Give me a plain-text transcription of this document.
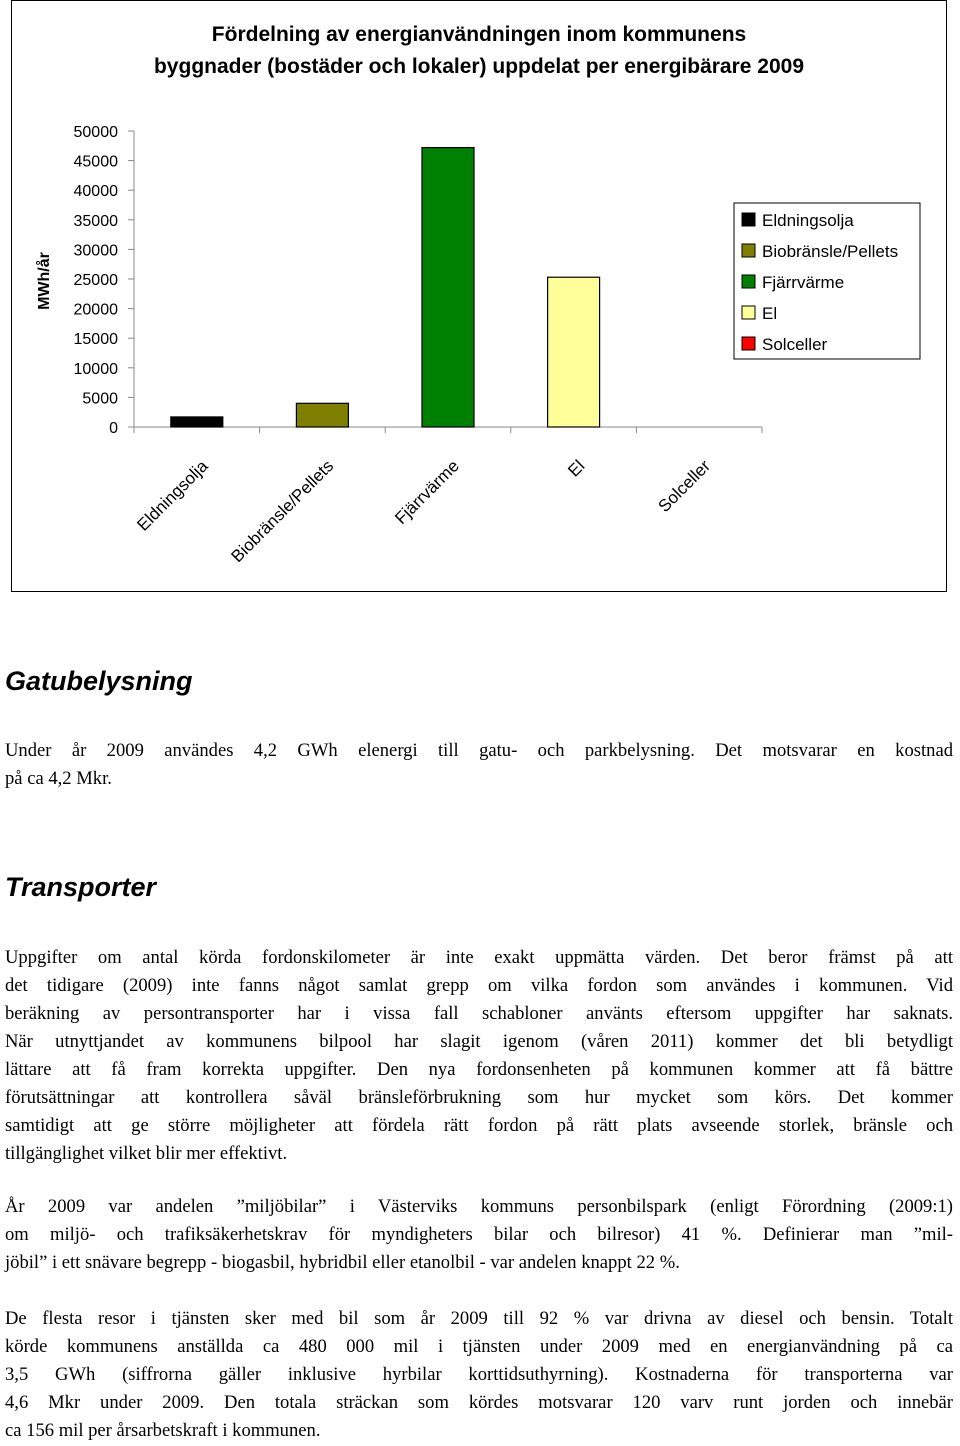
Fördelning av energianvändningen inom kommunens
byggnader (bostäder och lokaler) uppdelat per energibärare 2009
MWh/år
0
5000
10000
15000
20000
25000
30000
35000
40000
45000
50000
Eldningsolja Biobränsle/Pellets	Fjärrvärme	El	Solceller
Eldningsolja
Biobränsle/Pellets
Fjärrvärme
El
Solceller
Gatubelysning
Under år 2009 användes 4,2 GWh elenergi till gatu- och parkbelysning. Det motsvarar en kostnad
på ca 4,2 Mkr.
Transporter
Uppgifter om antal körda fordonskilometer är inte exakt uppmätta värden. Det beror främst på att
det tidigare (2009) inte fanns något samlat grepp om vilka fordon som användes i kommunen. Vid
beräkning av persontransporter har i vissa fall schabloner använts eftersom uppgifter har saknats.
När utnyttjandet av kommunens bilpool har slagit igenom (våren 2011) kommer det bli betydligt
lättare att få fram korrekta uppgifter. Den nya fordonsenheten på kommunen kommer att få bättre
förutsättningar att kontrollera såväl bränsleförbrukning som hur mycket som körs. Det kommer
samtidigt att ge större möjligheter att fördela rätt fordon på rätt plats avseende storlek, bränsle och
tillgänglighet vilket blir mer effektivt.
År 2009 var andelen ”miljöbilar” i Västerviks kommuns personbilspark (enligt Förordning (2009:1)
om miljö- och trafiksäkerhetskrav för myndigheters bilar och bilresor) 41 %. Definierar man ”mil-
jöbil” i ett snävare begrepp - biogasbil, hybridbil eller etanolbil - var andelen knappt 22 %.
De flesta resor i tjänsten sker med bil som år 2009 till 92 % var drivna av diesel och bensin. Totalt
körde kommunens anställda ca 480 000 mil i tjänsten under 2009 med en energianvändning på ca
3,5 GWh (siffrorna gäller inklusive hyrbilar korttidsuthyrning). Kostnaderna för transporterna var
4,6 Mkr under 2009. Den totala sträckan som kördes motsvarar 120 varv runt jorden och innebär
ca 156 mil per årsarbetskraft i kommunen.
